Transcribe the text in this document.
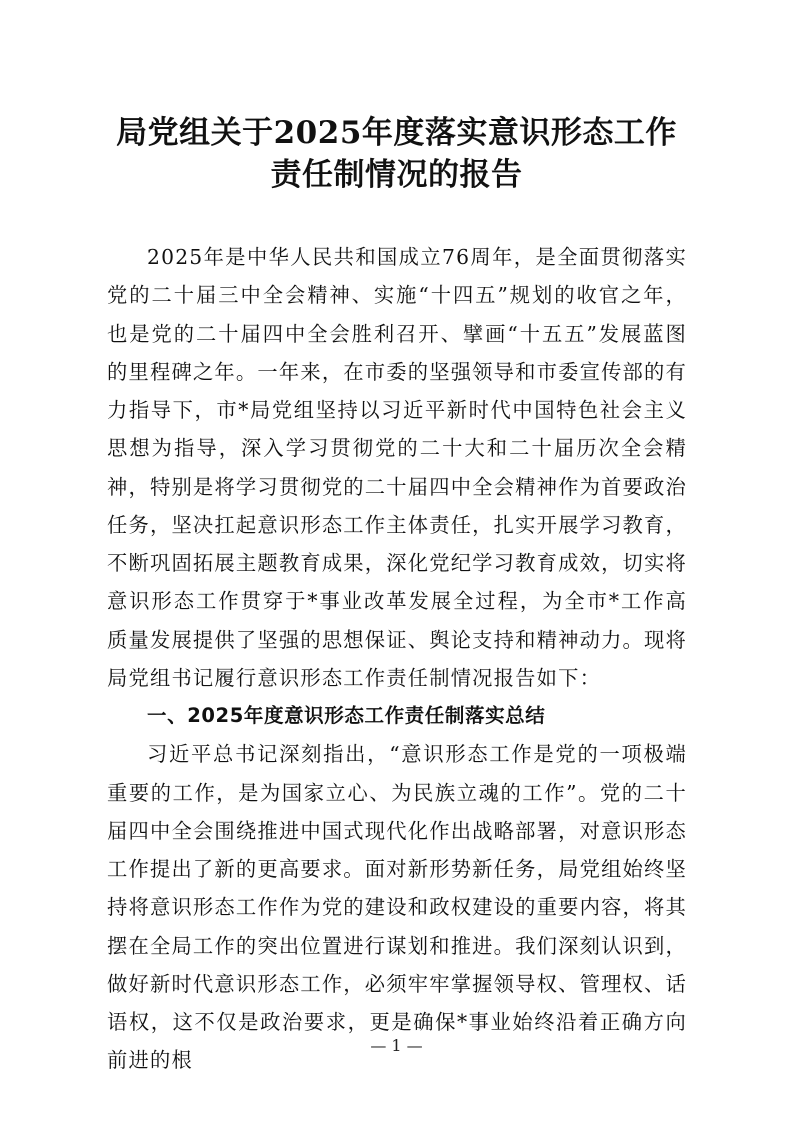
局党组关于2025年度落实意识形态工作
责任制情况的报告

2025年是中华人民共和国成立76周年，是全面贯彻落实党的二十届三中全会精神、实施“十四五”规划的收官之年，也是党的二十届四中全会胜利召开、擘画“十五五”发展蓝图的里程碑之年。一年来，在市委的坚强领导和市委宣传部的有力指导下，市*局党组坚持以习近平新时代中国特色社会主义思想为指导，深入学习贯彻党的二十大和二十届历次全会精神，特别是将学习贯彻党的二十届四中全会精神作为首要政治任务，坚决扛起意识形态工作主体责任，扎实开展学习教育，不断巩固拓展主题教育成果，深化党纪学习教育成效，切实将意识形态工作贯穿于*事业改革发展全过程，为全市*工作高质量发展提供了坚强的思想保证、舆论支持和精神动力。现将局党组书记履行意识形态工作责任制情况报告如下：

一、2025年度意识形态工作责任制落实总结

习近平总书记深刻指出，“意识形态工作是党的一项极端重要的工作，是为国家立心、为民族立魂的工作”。党的二十届四中全会围绕推进中国式现代化作出战略部署，对意识形态工作提出了新的更高要求。面对新形势新任务，局党组始终坚持将意识形态工作作为党的建设和政权建设的重要内容，将其摆在全局工作的突出位置进行谋划和推进。我们深刻认识到，做好新时代意识形态工作，必须牢牢掌握领导权、管理权、话语权，这不仅是政治要求，更是确保*事业始终沿着正确方向前进的根

— 1 —
